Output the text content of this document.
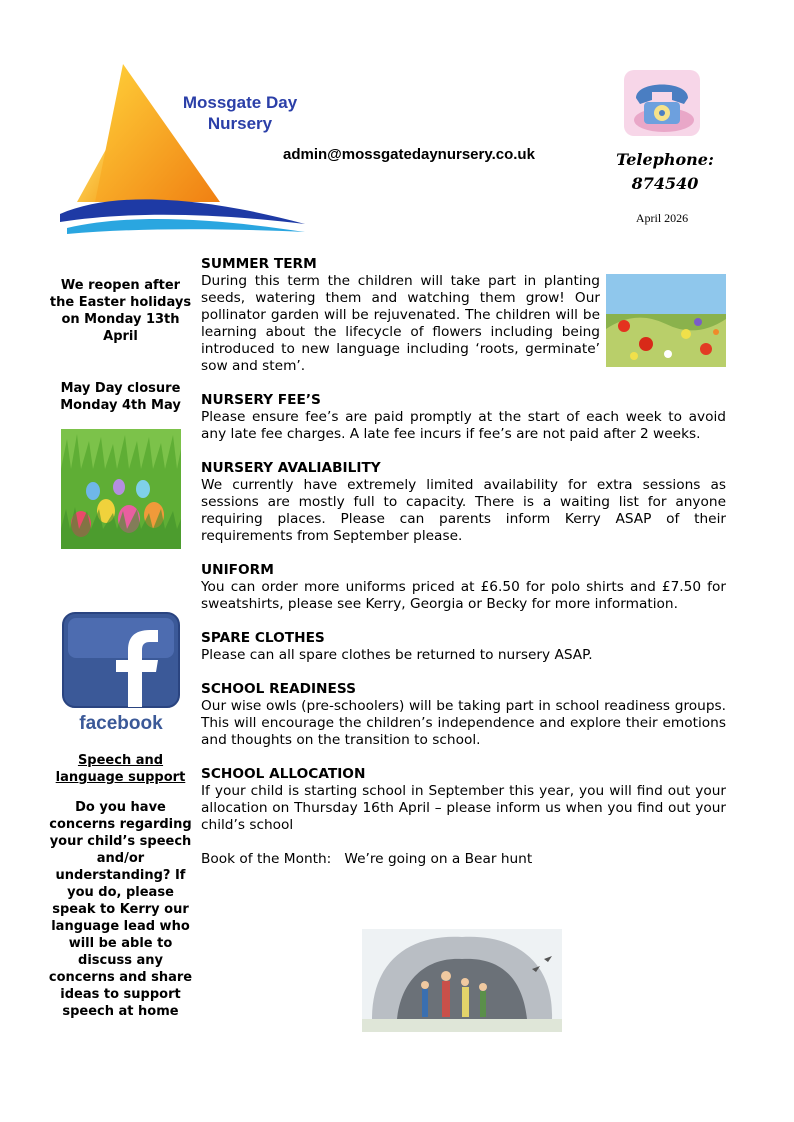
Mossgate Day Nursery
admin@mossgatedaynursery.co.uk	Telephone:
874540
April 2026
We reopen after the Easter holidays on Monday 13th April
May Day closure Monday 4th May
facebook
Speech and language support
Do you have concerns regarding your child’s speech and/or understanding? If you do, please speak to Kerry our language lead who will be able to discuss any concerns and share ideas to support speech at home
SUMMER TERM

During this term the children will take part in planting seeds, watering them and watching them grow! Our pollinator garden will be rejuvenated. The children will be learning about the lifecycle of flowers including being introduced to new language including ‘roots, germinate’ sow and stem’.

NURSERY FEE’S

Please ensure fee’s are paid promptly at the start of each week to avoid any late fee charges. A late fee incurs if fee’s are not paid after 2 weeks.

NURSERY AVALIABILITY

We currently have extremely limited availability for extra sessions as sessions are mostly full to capacity. There is a waiting list for anyone requiring places. Please can parents inform Kerry ASAP of their requirements from September please.

UNIFORM

You can order more uniforms priced at £6.50 for polo shirts and £7.50 for sweatshirts, please see Kerry, Georgia or Becky for more information.

SPARE CLOTHES

Please can all spare clothes be returned to nursery ASAP.

SCHOOL READINESS

Our wise owls (pre-schoolers) will be taking part in school readiness groups. This will encourage the children’s independence and explore their emotions and thoughts on the transition to school.

SCHOOL ALLOCATION

If your child is starting school in September this year, you will find out your allocation on Thursday 16th April – please inform us when you find out your child’s school

Book of the Month:   We’re going on a Bear hunt
